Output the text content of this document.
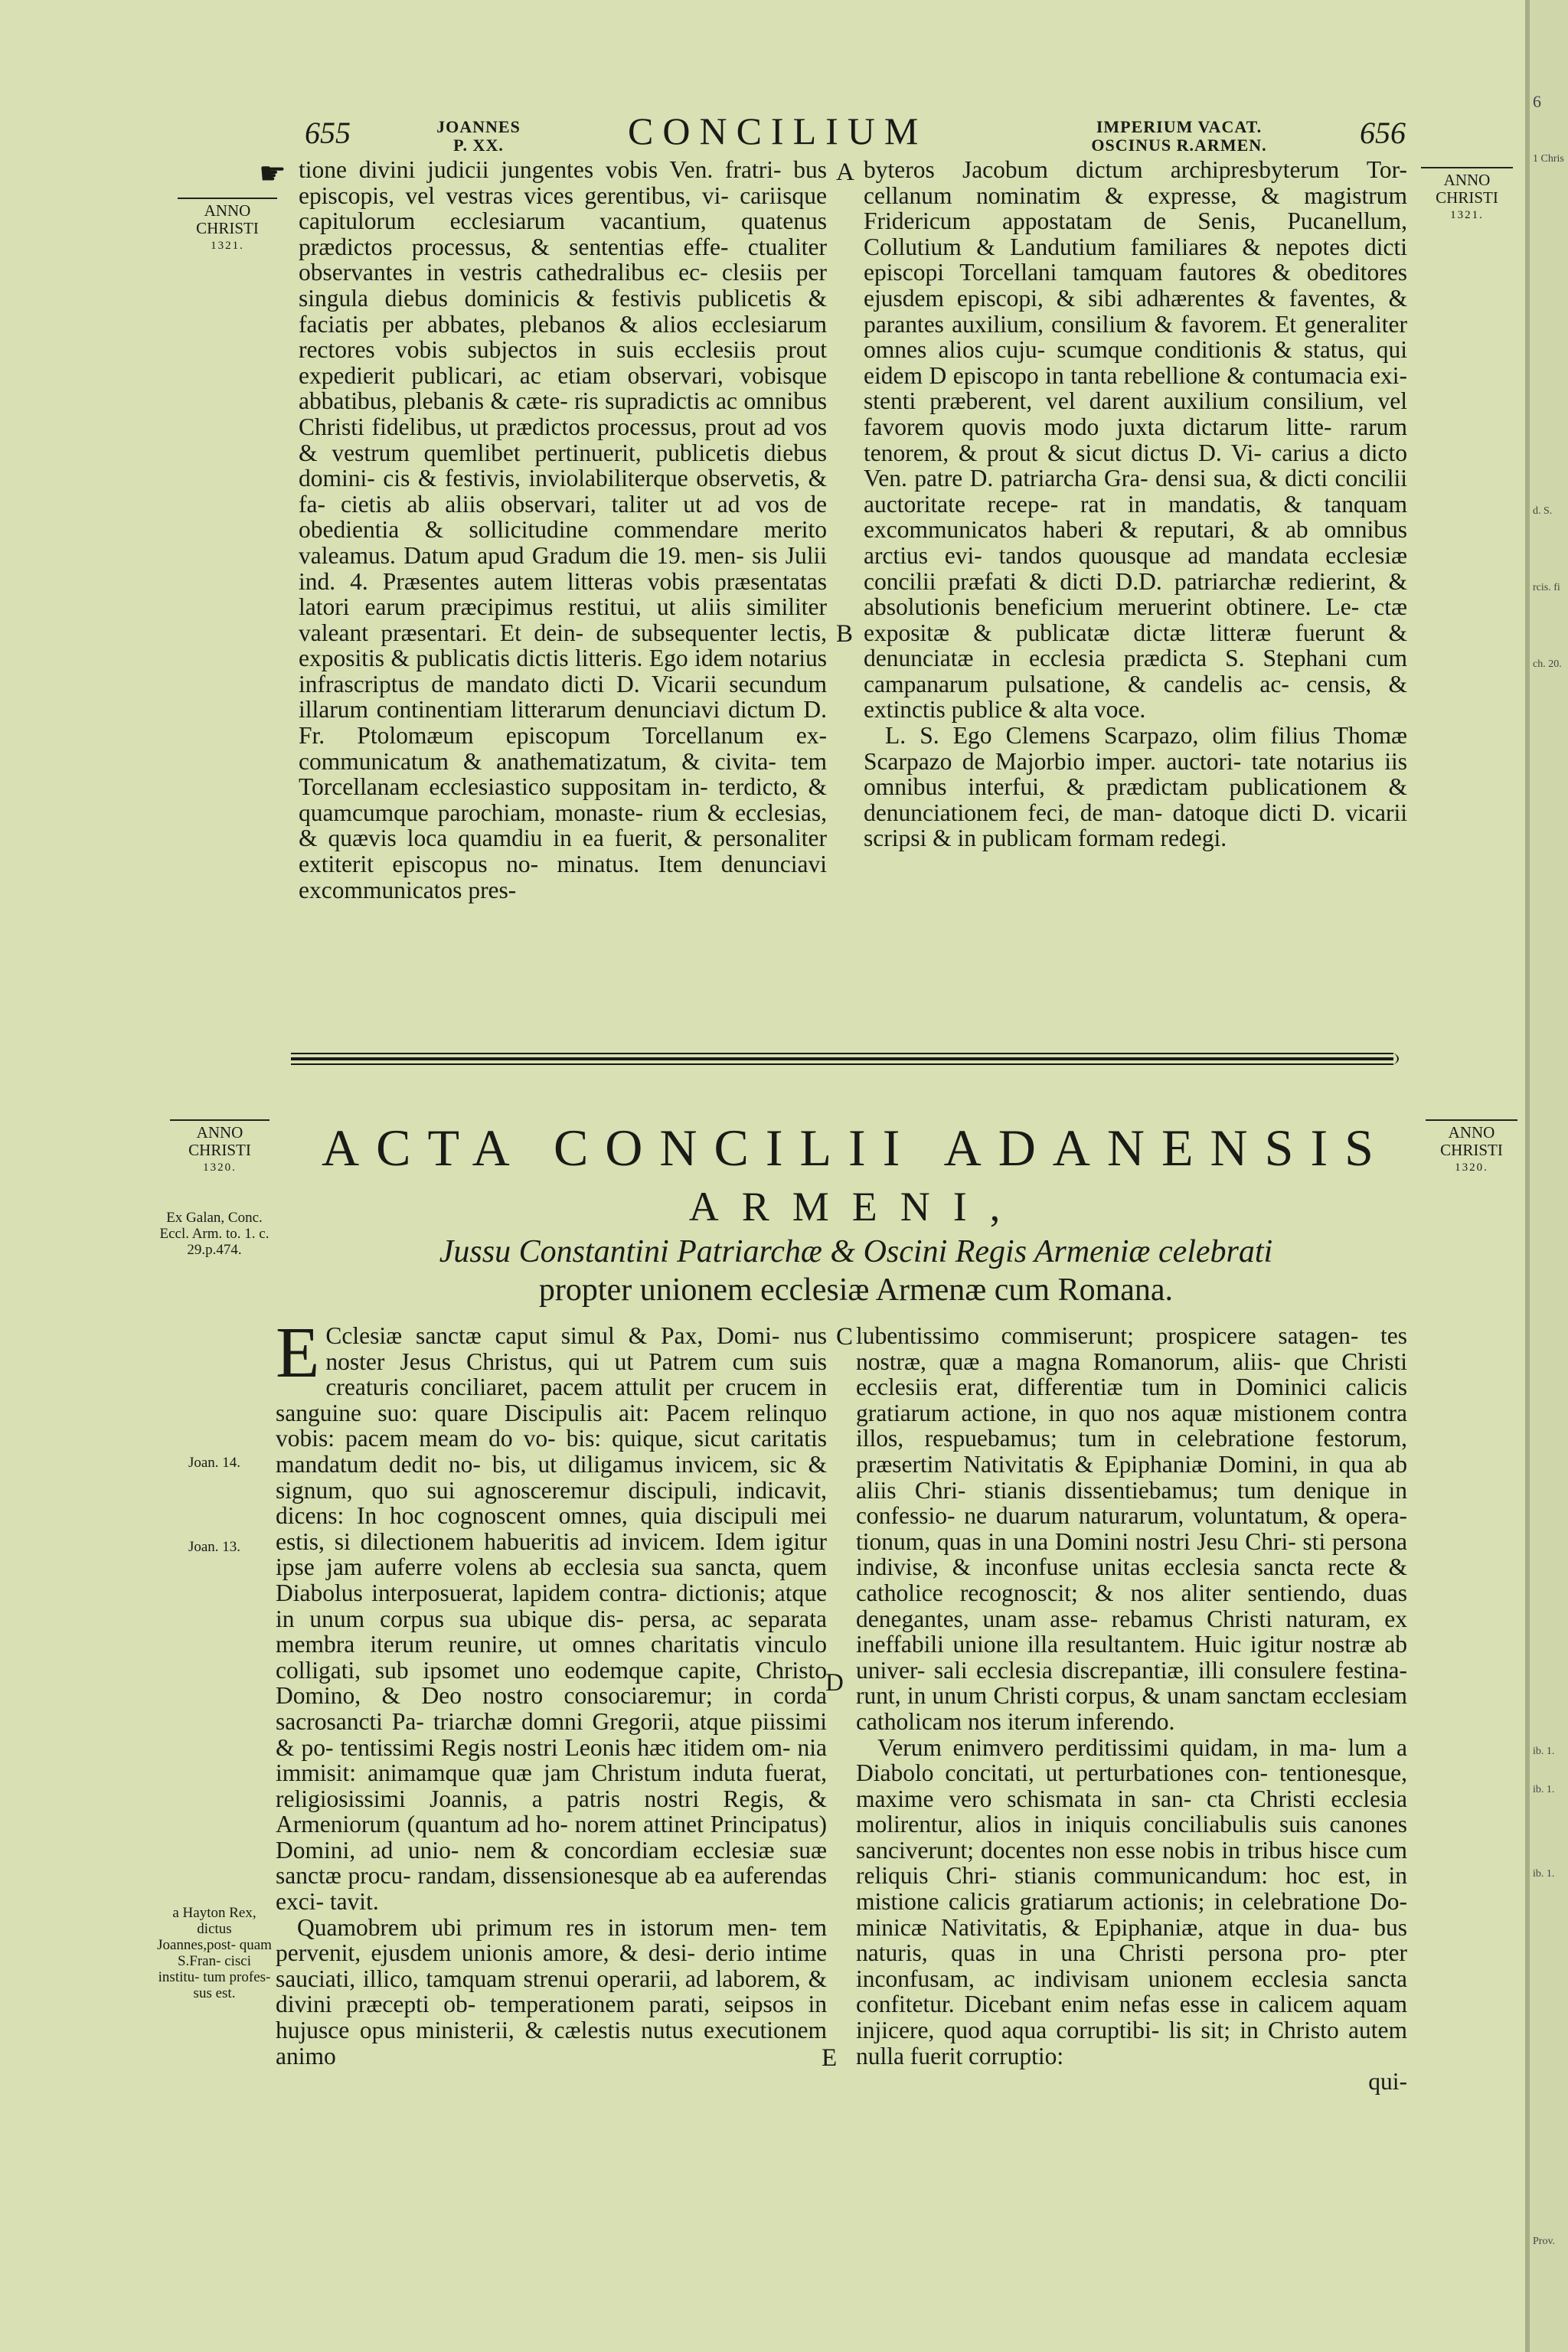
655	JOANNES
P. XX.	CONCILIUM	IMPERIUM VACAT.
OSCINUS R.ARMEN.	656
☛
ANNO
CHRISTI
1321.
ANNO
CHRISTI
1321.

tione divini judicii jungentes vobis Ven. fratri- bus episcopis, vel vestras vices gerentibus, vi- cariisque capitulorum ecclesiarum vacantium, quatenus prædictos processus, & sententias effe- ctualiter observantes in vestris cathedralibus ec- clesiis per singula diebus dominicis & festivis publicetis & faciatis per abbates, plebanos & alios ecclesiarum rectores vobis subjectos in suis ecclesiis prout expedierit publicari, ac etiam observari, vobisque abbatibus, plebanis & cæte- ris supradictis ac omnibus Christi fidelibus, ut prædictos processus, prout ad vos & vestrum quemlibet pertinuerit, publicetis diebus domini- cis & festivis, inviolabiliterque observetis, & fa- cietis ab aliis observari, taliter ut ad vos de obedientia & sollicitudine commendare merito valeamus. Datum apud Gradum die 19. men- sis Julii ind. 4. Præsentes autem litteras vobis præsentatas latori earum præcipimus restitui, ut aliis similiter valeant præsentari. Et dein- de subsequenter lectis, expositis & publicatis dictis litteris. Ego idem notarius infrascriptus de mandato dicti D. Vicarii secundum illarum continentiam litterarum denunciavi dictum D. Fr. Ptolomæum episcopum Torcellanum ex- communicatum & anathematizatum, & civita- tem Torcellanam ecclesiastico suppositam in- terdicto, & quamcumque parochiam, monaste- rium & ecclesias, & quævis loca quamdiu in ea fuerit, & personaliter extiterit episcopus no- minatus. Item denunciavi excommunicatos pres-

A
B

byteros Jacobum dictum archipresbyterum Tor- cellanum nominatim & expresse, & magistrum Fridericum appostatam de Senis, Pucanellum, Collutium & Landutium familiares & nepotes dicti episcopi Torcellani tamquam fautores & obeditores ejusdem episcopi, & sibi adhærentes & faventes, & parantes auxilium, consilium & favorem. Et generaliter omnes alios cuju- scumque conditionis & status, qui eidem D episcopo in tanta rebellione & contumacia exi- stenti præberent, vel darent auxilium consilium, vel favorem quovis modo juxta dictarum litte- rarum tenorem, & prout & sicut dictus D. Vi- carius a dicto Ven. patre D. patriarcha Gra- densi sua, & dicti concilii auctoritate recepe- rat in mandatis, & tanquam excommunicatos haberi & reputari, & ab omnibus arctius evi- tandos quousque ad mandata ecclesiæ concilii præfati & dicti D.D. patriarchæ redierint, & absolutionis beneficium meruerint obtinere. Le- ctæ expositæ & publicatæ dictæ litteræ fuerunt & denunciatæ in ecclesia prædicta S. Stephani cum campanarum pulsatione, & candelis ac- censis, & extinctis publice & alta voce.

L. S. Ego Clemens Scarpazo, olim filius Thomæ Scarpazo de Majorbio imper. auctori- tate notarius iis omnibus interfui, & prædictam publicationem & denunciationem feci, de man- datoque dicti D. vicarii scripsi & in publicam formam redegi.

ANNO
CHRISTI
1320.
ANNO
CHRISTI
1320.
ACTA CONCILII ADANENSIS
ARMENI,
Jussu Constantini Patriarchæ & Oscini Regis Armeniæ celebrati
propter unionem ecclesiæ Armenæ cum Romana.
Ex Galan, Conc. Eccl. Arm. to. 1. c. 29.p.474.
Joan. 14.
Joan. 13.
a Hayton Rex, dictus Joannes,post- quam S.Fran- cisci institu- tum profes- sus est.

E Cclesiæ sanctæ caput simul & Pax, Domi- nus noster Jesus Christus, qui ut Patrem cum suis creaturis conciliaret, pacem attulit per crucem in sanguine suo: quare Discipulis ait: Pacem relinquo vobis: pacem meam do vo- bis: quique, sicut caritatis mandatum dedit no- bis, ut diligamus invicem, sic & signum, quo sui agnosceremur discipuli, indicavit, dicens: In hoc cognoscent omnes, quia discipuli mei estis, si dilectionem habueritis ad invicem. Idem igitur ipse jam auferre volens ab ecclesia sua sancta, quem Diabolus interposuerat, lapidem contra- dictionis; atque in unum corpus sua ubique dis- persa, ac separata membra iterum reunire, ut omnes charitatis vinculo colligati, sub ipsomet uno eodemque capite, Christo Domino, & Deo nostro consociaremur; in corda sacrosancti Pa- triarchæ domni Gregorii, atque piissimi & po- tentissimi Regis nostri Leonis hæc itidem om- nia immisit: animamque quæ jam Christum induta fuerat, religiosissimi Joannis, a patris nostri Regis, & Armeniorum (quantum ad ho- norem attinet Principatus) Domini, ad unio- nem & concordiam ecclesiæ suæ sanctæ procu- randam, dissensionesque ab ea auferendas exci- tavit.

Quamobrem ubi primum res in istorum men- tem pervenit, ejusdem unionis amore, & desi- derio intime sauciati, illico, tamquam strenui operarii, ad laborem, & divini præcepti ob- temperationem parati, seipsos in hujusce opus ministerii, & cælestis nutus executionem animo

C
D
E

lubentissimo commiserunt; prospicere satagen- tes nostræ, quæ a magna Romanorum, aliis- que Christi ecclesiis erat, differentiæ tum in Dominici calicis gratiarum actione, in quo nos aquæ mistionem contra illos, respuebamus; tum in celebratione festorum, præsertim Nativitatis & Epiphaniæ Domini, in qua ab aliis Chri- stianis dissentiebamus; tum denique in confessio- ne duarum naturarum, voluntatum, & opera- tionum, quas in una Domini nostri Jesu Chri- sti persona indivise, & inconfuse unitas ecclesia sancta recte & catholice recognoscit; & nos aliter sentiendo, duas denegantes, unam asse- rebamus Christi naturam, ex ineffabili unione illa resultantem. Huic igitur nostræ ab univer- sali ecclesia discrepantiæ, illi consulere festina- runt, in unum Christi corpus, & unam sanctam ecclesiam catholicam nos iterum inferendo.

Verum enimvero perditissimi quidam, in ma- lum a Diabolo concitati, ut perturbationes con- tentionesque, maxime vero schismata in san- cta Christi ecclesia molirentur, alios in iniquis conciliabulis suis canones sanciverunt; docentes non esse nobis in tribus hisce cum reliquis Chri- stianis communicandum: hoc est, in mistione calicis gratiarum actionis; in celebratione Do- minicæ Nativitatis, & Epiphaniæ, atque in dua- bus naturis, quas in una Christi persona pro- pter inconfusam, ac indivisam unionem ecclesia sancta confitetur. Dicebant enim nefas esse in calicem aquam injicere, quod aqua corruptibi- lis sit; in Christo autem nulla fuerit corruptio:

qui-

6
1 Chris
d. S.
rcis. fi
ch. 20.
ib. 1.
ib. 1.
ib. 1.
Prov.
